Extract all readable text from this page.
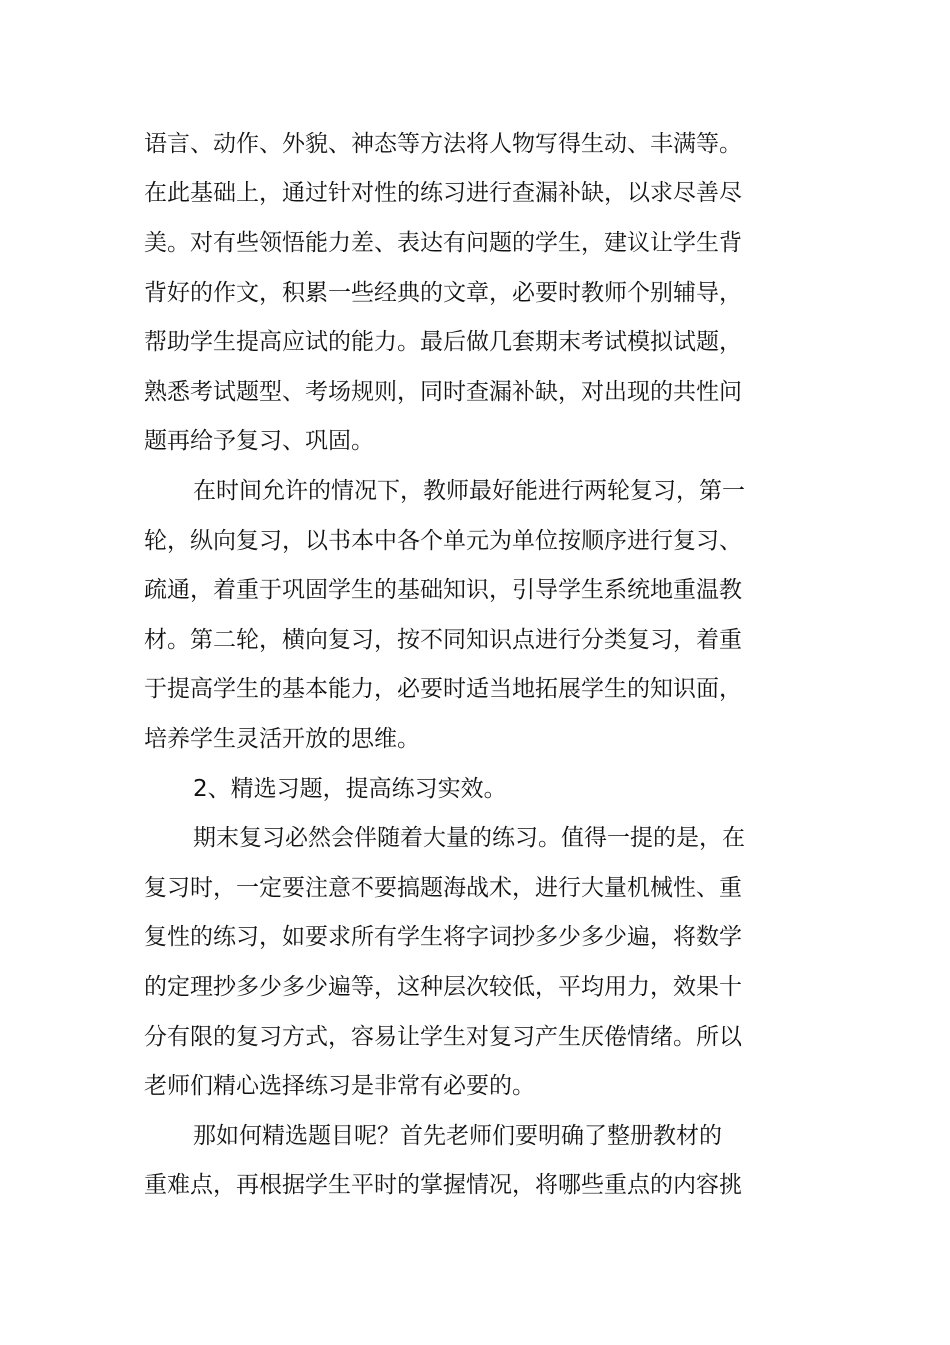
语言、动作、外貌、神态等方法将人物写得生动、丰满等。
在此基础上，通过针对性的练习进行查漏补缺，以求尽善尽
美。对有些领悟能力差、表达有问题的学生，建议让学生背
背好的作文，积累一些经典的文章，必要时教师个别辅导，
帮助学生提高应试的能力。最后做几套期末考试模拟试题，
熟悉考试题型、考场规则，同时查漏补缺，对出现的共性问
题再给予复习、巩固。
在时间允许的情况下，教师最好能进行两轮复习，第一
轮，纵向复习，以书本中各个单元为单位按顺序进行复习、
疏通，着重于巩固学生的基础知识，引导学生系统地重温教
材。第二轮，横向复习，按不同知识点进行分类复习，着重
于提高学生的基本能力，必要时适当地拓展学生的知识面，
培养学生灵活开放的思维。
2、精选习题，提高练习实效。
期末复习必然会伴随着大量的练习。值得一提的是，在
复习时，一定要注意不要搞题海战术，进行大量机械性、重
复性的练习，如要求所有学生将字词抄多少多少遍，将数学
的定理抄多少多少遍等，这种层次较低，平均用力，效果十
分有限的复习方式，容易让学生对复习产生厌倦情绪。所以
老师们精心选择练习是非常有必要的。
那如何精选题目呢？首先老师们要明确了整册教材的
重难点，再根据学生平时的掌握情况，将哪些重点的内容挑
